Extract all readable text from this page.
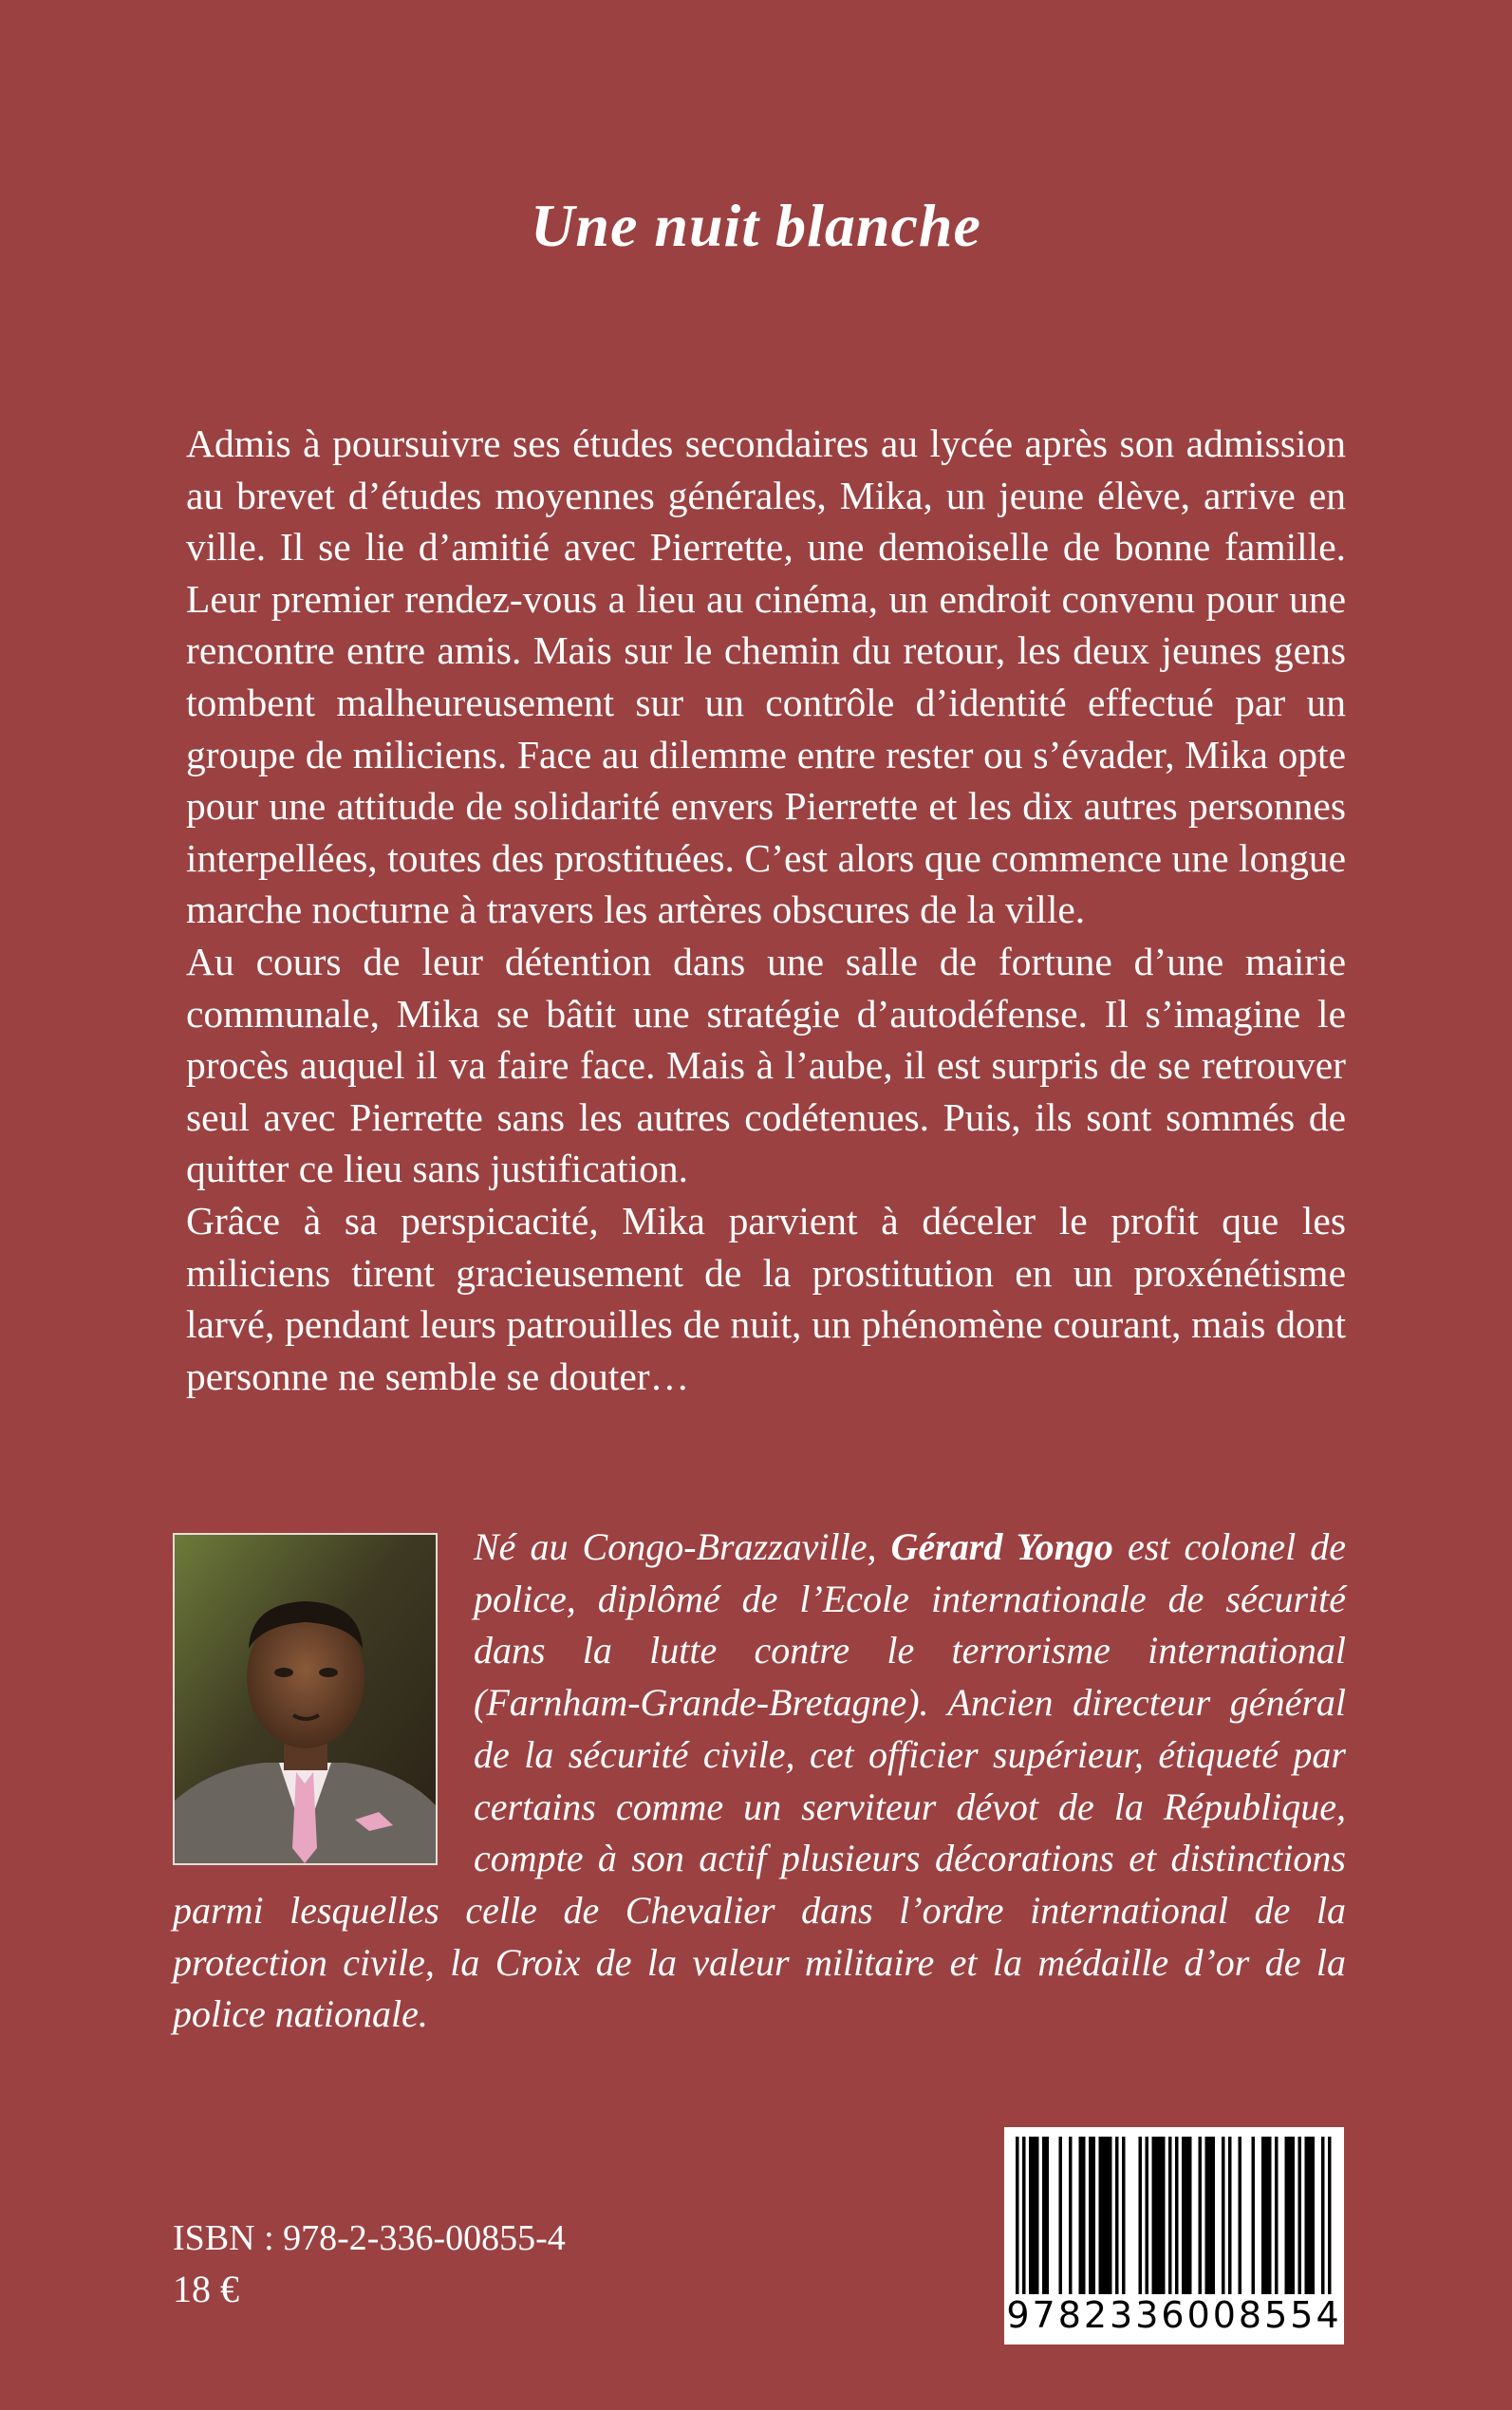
Une nuit blanche

Admis à poursuivre ses études secondaires au lycée après son admission au brevet d’études moyennes générales, Mika, un jeune élève, arrive en ville. Il se lie d’amitié avec Pierrette, une demoiselle de bonne famille. Leur premier rendez-vous a lieu au cinéma, un endroit convenu pour une rencontre entre amis. Mais sur le chemin du retour, les deux jeunes gens tombent malheureusement sur un contrôle d’identité effectué par un groupe de miliciens. Face au dilemme entre rester ou s’évader, Mika opte pour une attitude de solidarité envers Pierrette et les dix autres personnes interpellées, toutes des prostituées. C’est alors que commence une longue marche nocturne à travers les artères obscures de la ville.

Au cours de leur détention dans une salle de fortune d’une mairie communale, Mika se bâtit une stratégie d’autodéfense. Il s’imagine le procès auquel il va faire face. Mais à l’aube, il est surpris de se retrouver seul avec Pierrette sans les autres codétenues. Puis, ils sont sommés de quitter ce lieu sans justification.

Grâce à sa perspicacité, Mika parvient à déceler le profit que les miliciens tirent gracieusement de la prostitution en un proxénétisme larvé, pendant leurs patrouilles de nuit, un phénomène courant, mais dont personne ne semble se douter…

Né au Congo-Brazzaville, Gérard Yongo est colonel de police, diplômé de l’Ecole internationale de sécurité dans la lutte contre le terrorisme international (Farnham-Grande-Bretagne). Ancien directeur général de la sécurité civile, cet officier supérieur, étiqueté par certains comme un serviteur dévot de la République, compte à son actif plusieurs décorations et distinctions parmi lesquelles celle de Chevalier dans l’ordre international de la protection civile, la Croix de la valeur militaire et la médaille d’or de la police nationale.
ISBN : 978-2-336-00855-4
18 €
9782336008554
